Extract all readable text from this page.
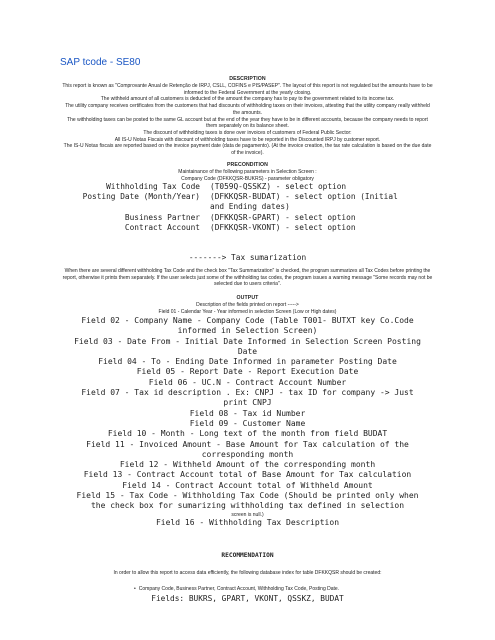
SAP tcode - SE80
DESCRIPTION
This report is known as "Comprovante Anual de Retenção de IRPJ, CSLL, COFINS e PIS/PASEP". The layout of this report is not regulated but the amounts have to be informed to the Federal Government at the yearly closing.
The withheld amount of all customers is deducted of the amount the company has to pay to the government related to its income tax.
The utility company receives certificates from the customers that had discounts of withholding taxes on their invoices, attesting that the utility company really withheld the amounts.
The withholding taxes can be posted to the same GL account but at the end of the year they have to be in different accounts, because the company needs to report them separately on its balance sheet.
The discount of withholding taxes is done over invoices of customers of Federal Public Sector:
All IS-U Notas Fiscais with discount of withholding taxes have to be reported in the Discounted IRPJ by customer report.
The IS-U Notas fiscais are reported based on the invoice payment date (data de pagamento). (At the invoice creation, the tax rate calculation is based on the due date of the invoice).
PRECONDITION
Maintainance of the following parameters in Selection Screen :
Company Code (DFKKQSR-BUKRS) - parameter obligatory
Withholding Tax Code	(T059Q-QSSKZ) - select option
Posting Date (Month/Year)	(DFKKQSR-BUDAT) - select option (Initial
and Ending dates)
Business Partner	(DFKKQSR-GPART) - select option
Contract Account	(DFKKQSR-VKONT) - select option
-------> Tax sumarization
When there are several different withholding Tax Code and the check box "Tax Summarization" is checked, the program summarizes all Tax Codes before printing the report, otherwise it prints them separately. If the user selects just some of the withholding tax codes, the program issues a warning message "Some records may not be selected due to users criteria".
OUTPUT
Description of the fields printed on report ----->
Field 01 - Calendar Year - Year informed in selection Screen (Low or High dates)
Field 02 - Company Name - Company Code (Table T001- BUTXT key Co.Code informed in Selection Screen)
Field 03 - Date From - Initial Date Informed in Selection Screen Posting Date
Field 04 - To - Ending Date Informed in parameter Posting Date
Field 05 - Report Date - Report Execution Date
Field 06 - UC.N - Contract Account Number
Field 07 - Tax id description . Ex: CNPJ - tax ID for company -> Just print CNPJ
Field 08 - Tax id Number
Field 09 - Customer Name
Field 10 - Month - Long text of the month from field BUDAT
Field 11 - Invoiced Amount - Base Amount for Tax calculation of the corresponding month
Field 12 - Withheld Amount of the corresponding month
Field 13 - Contract Account total of Base Amount for Tax calculation
Field 14 - Contract Account total of Withheld Amount
Field 15 - Tax Code - Withholding Tax Code (Should be printed only when the check box for sumarizing withholding tax defined in selection
screen is null.)
Field 16 - Withholding Tax Description
RECOMMENDATION
In order to allow this report to access data efficiently, the following database index for table DFKKQSR should be created:
• Company Code, Business Partner, Contract Account, Withholding Tax Code, Posting Date.
Fields: BUKRS, GPART, VKONT, QSSKZ, BUDAT
